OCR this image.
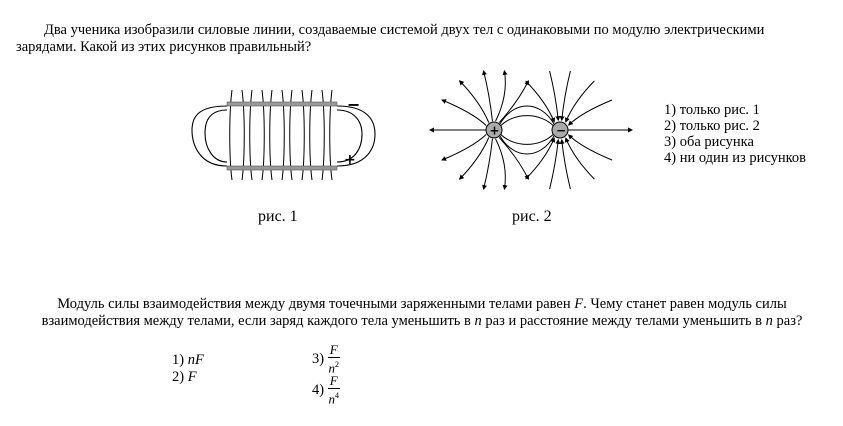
Два ученика изобразили силовые линии, создаваемые системой двух тел с одинаковыми по модулю электрическими зарядами. Какой из этих рисунков правильный?
−
+
рис. 1
+	−
рис. 2
1) только рис. 1
2) только рис. 2
3) оба рисунка
4) ни один из рисунков
Модуль силы взаимодействия между двумя точечными заряженными телами равен F. Чему станет равен модуль силы взаимодействия между телами, если заряд каждого тела уменьшить в n раз и расстояние между телами уменьшить в n раз?
1) nF
2) F
$3) \frac{F}{n^2}$
$4) \frac{F}{n^4}$
